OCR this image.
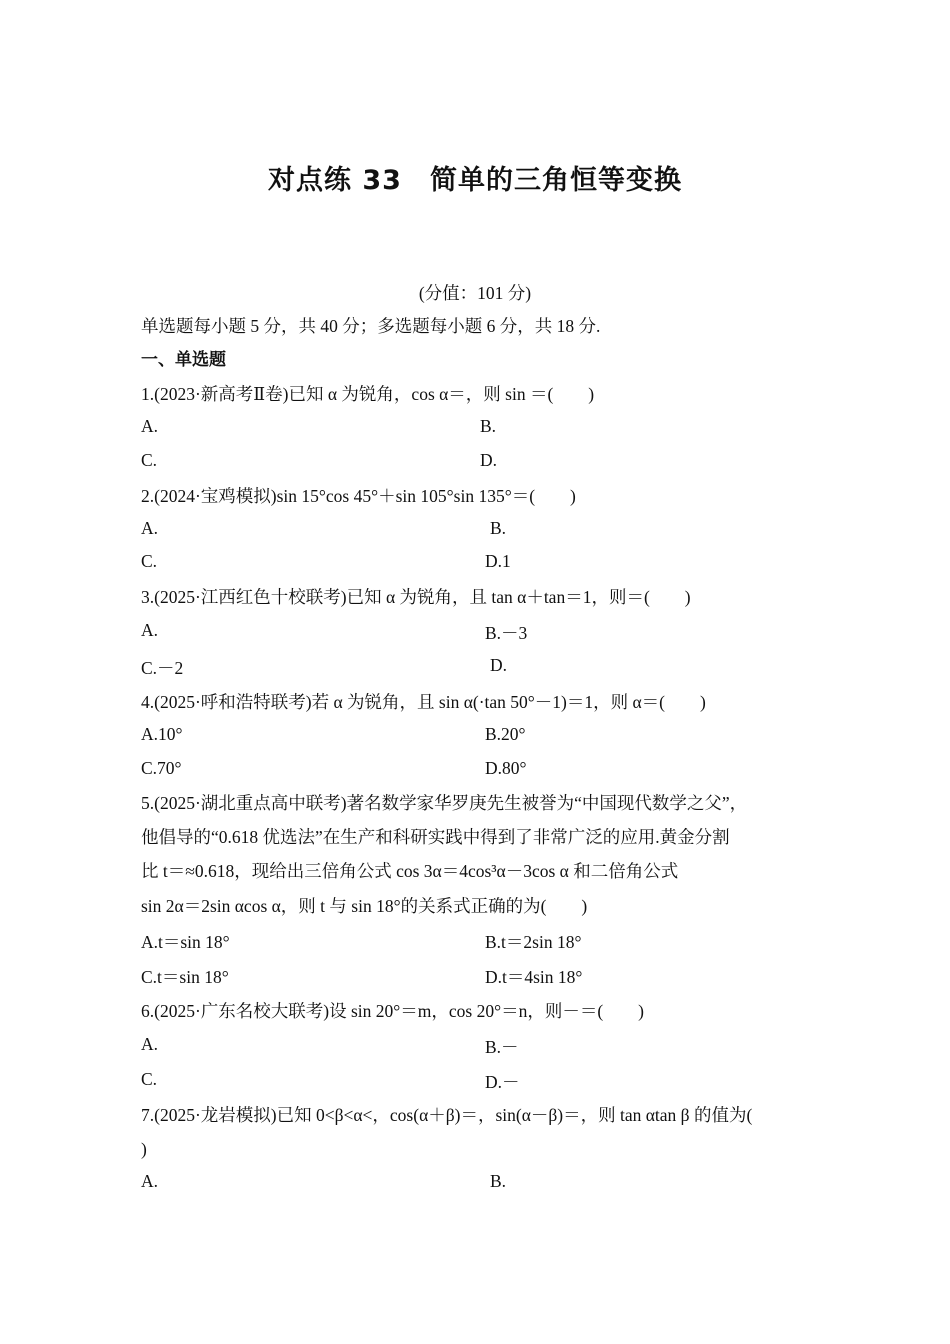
对点练 33　简单的三角恒等变换
(分值：101 分)
单选题每小题 5 分，共 40 分；多选题每小题 6 分，共 18 分.
一、单选题
1.(2023·新高考Ⅱ卷)已知 α 为锐角，cos α＝，则 sin ＝(　　)
A.	B.
C.	D.
2.(2024·宝鸡模拟)sin 15°cos 45°＋sin 105°sin 135°＝(　　)
A.	B.
C.	D.1
3.(2025·江西红色十校联考)已知 α 为锐角，且 tan α＋tan＝1，则＝(　　)
A.	B.－3
C.－2	D.
4.(2025·呼和浩特联考)若 α 为锐角，且 sin α(·tan 50°－1)＝1，则 α＝(　　)
A.10°	B.20°
C.70°	D.80°
5.(2025·湖北重点高中联考)著名数学家华罗庚先生被誉为“中国现代数学之父”，
他倡导的“0.618 优选法”在生产和科研实践中得到了非常广泛的应用.黄金分割
比 t＝≈0.618，现给出三倍角公式 cos 3α＝4cos³α－3cos α 和二倍角公式
sin 2α＝2sin αcos α，则 t 与 sin 18°的关系式正确的为(　　)
A.t＝sin 18°	B.t＝2sin 18°
C.t＝sin 18°	D.t＝4sin 18°
6.(2025·广东名校大联考)设 sin 20°＝m，cos 20°＝n，则－＝(　　)
A.	B.－
C.	D.－
7.(2025·龙岩模拟)已知 0<β<α<，cos(α＋β)＝，sin(α－β)＝，则 tan αtan β 的值为(
)
A.	B.
